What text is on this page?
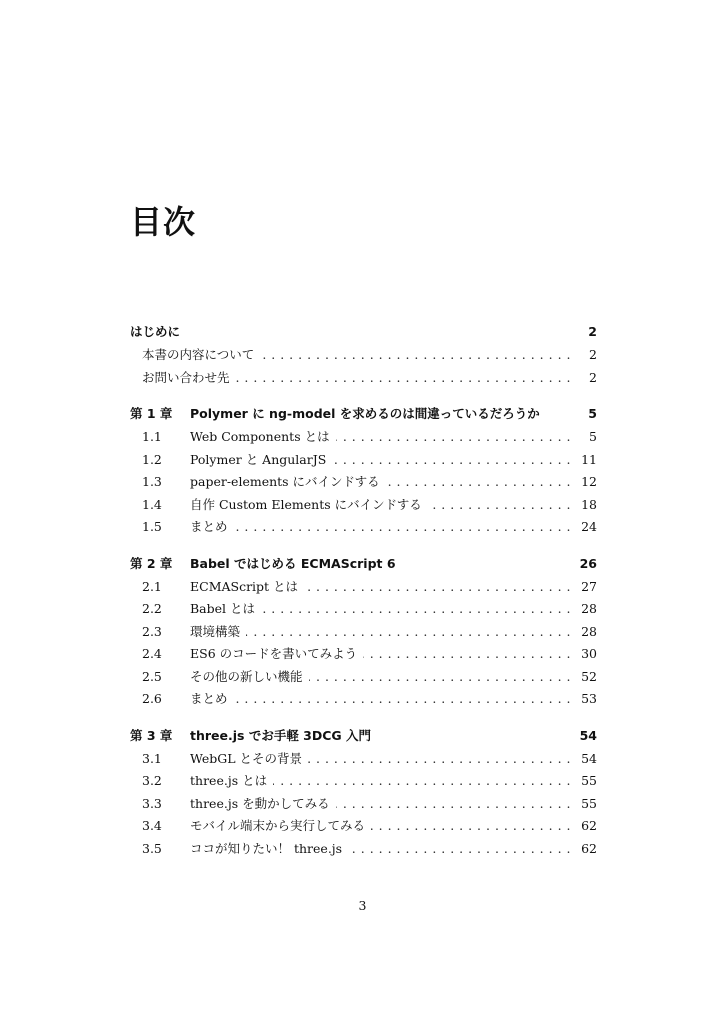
目次
はじめに	2
本書の内容について . . .	2
お問い合わせ先 . . .	2
第 1 章	Polymer に ng-model を求めるのは間違っているだろうか	5
1.1	Web Components とは . . .	5
1.2	Polymer と AngularJS . . .	11
1.3	paper-elements にバインドする . . .	12
1.4	自作 Custom Elements にバインドする . . .	18
1.5	まとめ . . .	24
第 2 章	Babel ではじめる ECMAScript 6	26
2.1	ECMAScript とは . . .	27
2.2	Babel とは . . .	28
2.3	環境構築 . . .	28
2.4	ES6 のコードを書いてみよう . . .	30
2.5	その他の新しい機能 . . .	52
2.6	まとめ . . .	53
第 3 章	three.js でお手軽 3DCG 入門	54
3.1	WebGL とその背景 . . .	54
3.2	three.js とは . . .	55
3.3	three.js を動かしてみる . . .	55
3.4	モバイル端末から実行してみる . . .	62
3.5	ココが知りたい！ three.js . . .	62
3
